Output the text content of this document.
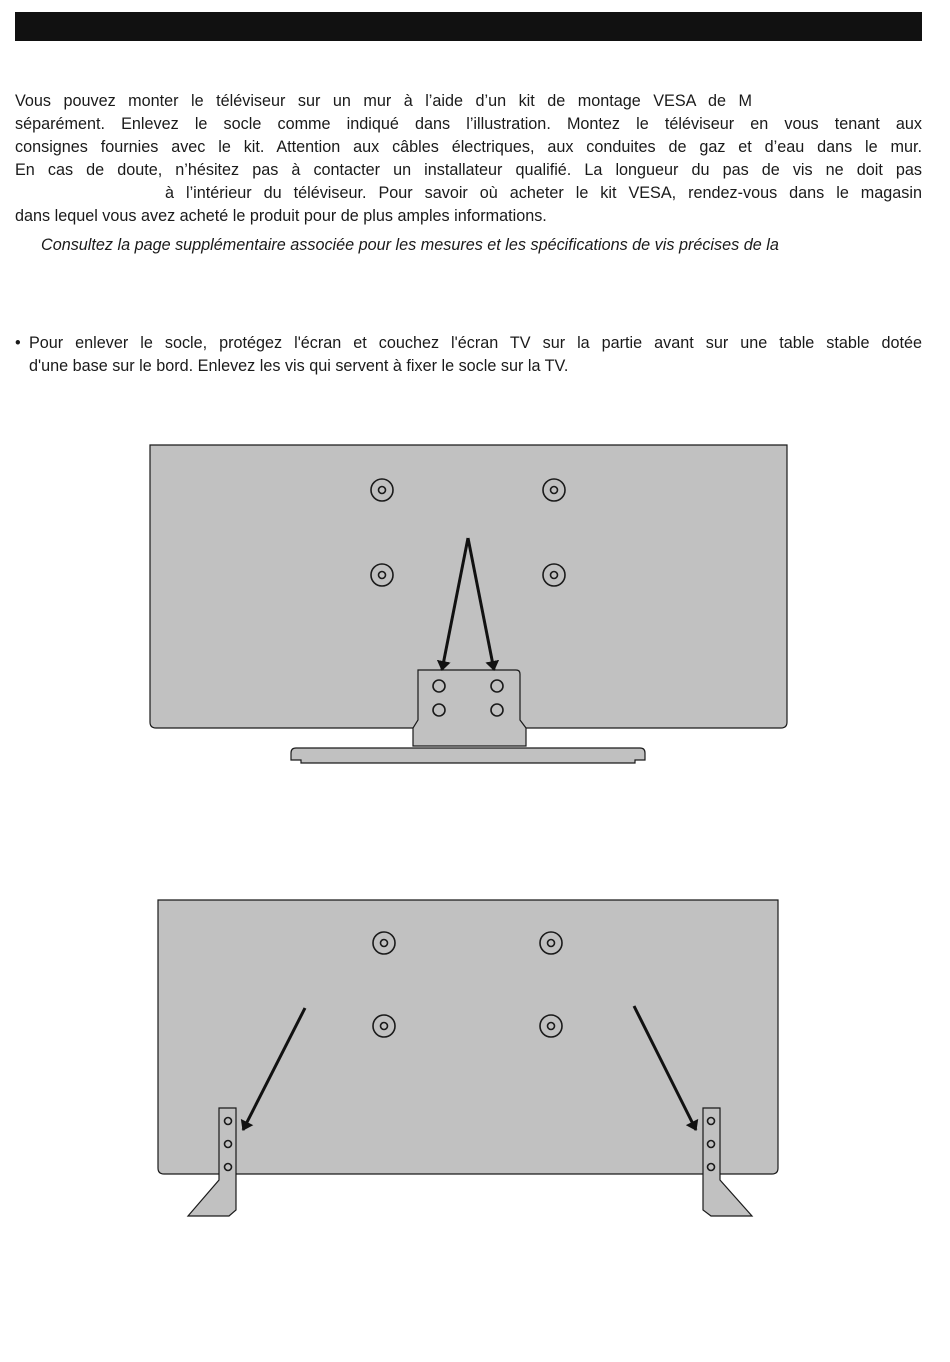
Vous pouvez monter le téléviseur sur un mur à l’aide d’un kit de montage VESA de M
séparément. Enlevez le socle comme indiqué dans l’illustration. Montez le téléviseur en vous tenant aux
consignes fournies avec le kit. Attention aux câbles électriques, aux conduites de gaz et d’eau dans le mur.
En cas de doute, n’hésitez pas à contacter un installateur qualifié. La longueur du pas de vis ne doit pas
à l’intérieur du téléviseur. Pour savoir où acheter le kit VESA, rendez-vous dans le magasin
dans lequel vous avez acheté le produit pour de plus amples informations.

Consultez la page supplémentaire associée pour les mesures et les spécifications de vis précises de la

• Pour enlever le socle, protégez l'écran et couchez l'écran TV sur la partie avant sur une table stable dotée
d'une base sur le bord. Enlevez les vis qui servent à fixer le socle sur la TV.
